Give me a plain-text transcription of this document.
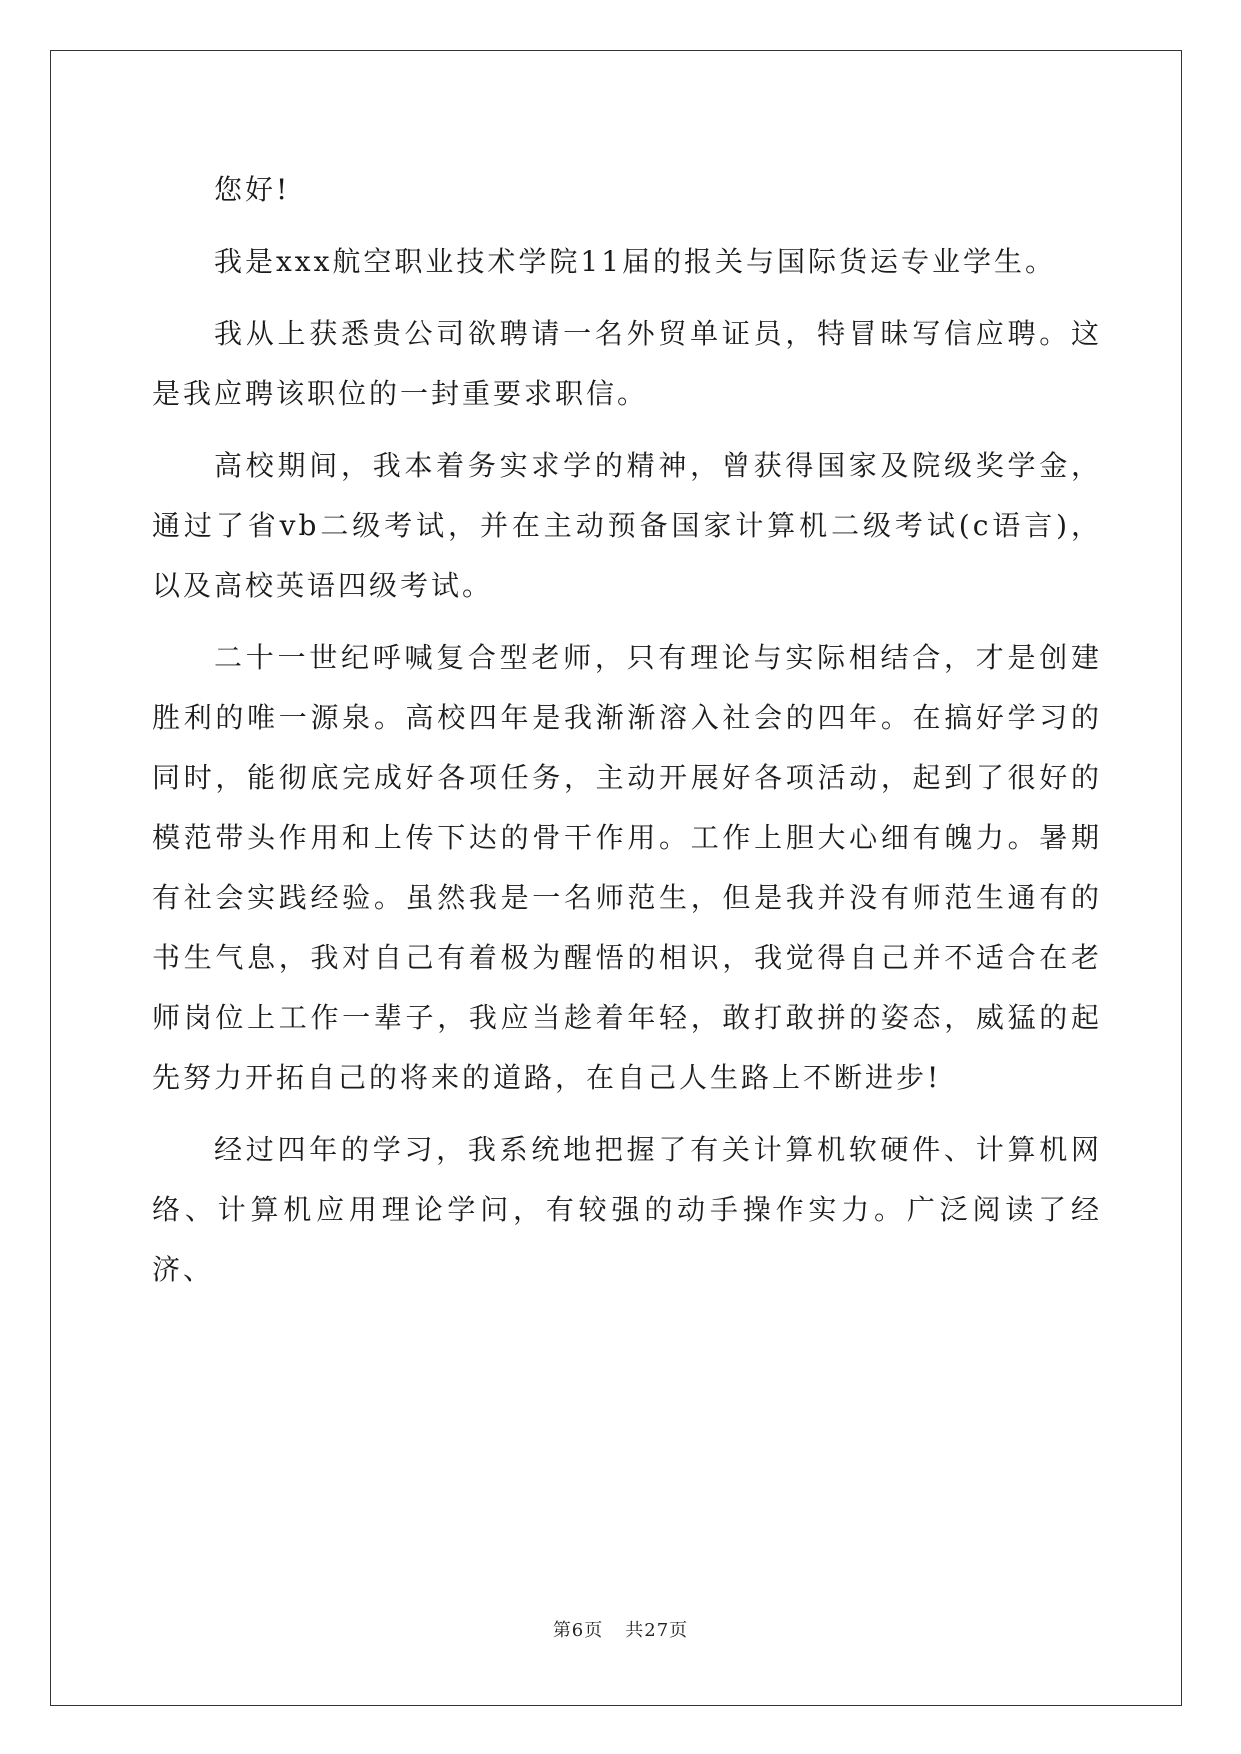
您好!

我是xxx航空职业技术学院11届的报关与国际货运专业学生。

我从上获悉贵公司欲聘请一名外贸单证员，特冒昧写信应聘。这是我应聘该职位的一封重要求职信。

高校期间，我本着务实求学的精神，曾获得国家及院级奖学金，通过了省vb二级考试，并在主动预备国家计算机二级考试(c语言)，以及高校英语四级考试。

二十一世纪呼喊复合型老师，只有理论与实际相结合，才是创建胜利的唯一源泉。高校四年是我渐渐溶入社会的四年。在搞好学习的同时，能彻底完成好各项任务，主动开展好各项活动，起到了很好的模范带头作用和上传下达的骨干作用。工作上胆大心细有魄力。暑期有社会实践经验。虽然我是一名师范生，但是我并没有师范生通有的书生气息，我对自己有着极为醒悟的相识，我觉得自己并不适合在老师岗位上工作一辈子，我应当趁着年轻，敢打敢拼的姿态，威猛的起先努力开拓自己的将来的道路，在自己人生路上不断进步!

经过四年的学习，我系统地把握了有关计算机软硬件、计算机网络、计算机应用理论学问，有较强的动手操作实力。广泛阅读了经济、

第6页 共27页
